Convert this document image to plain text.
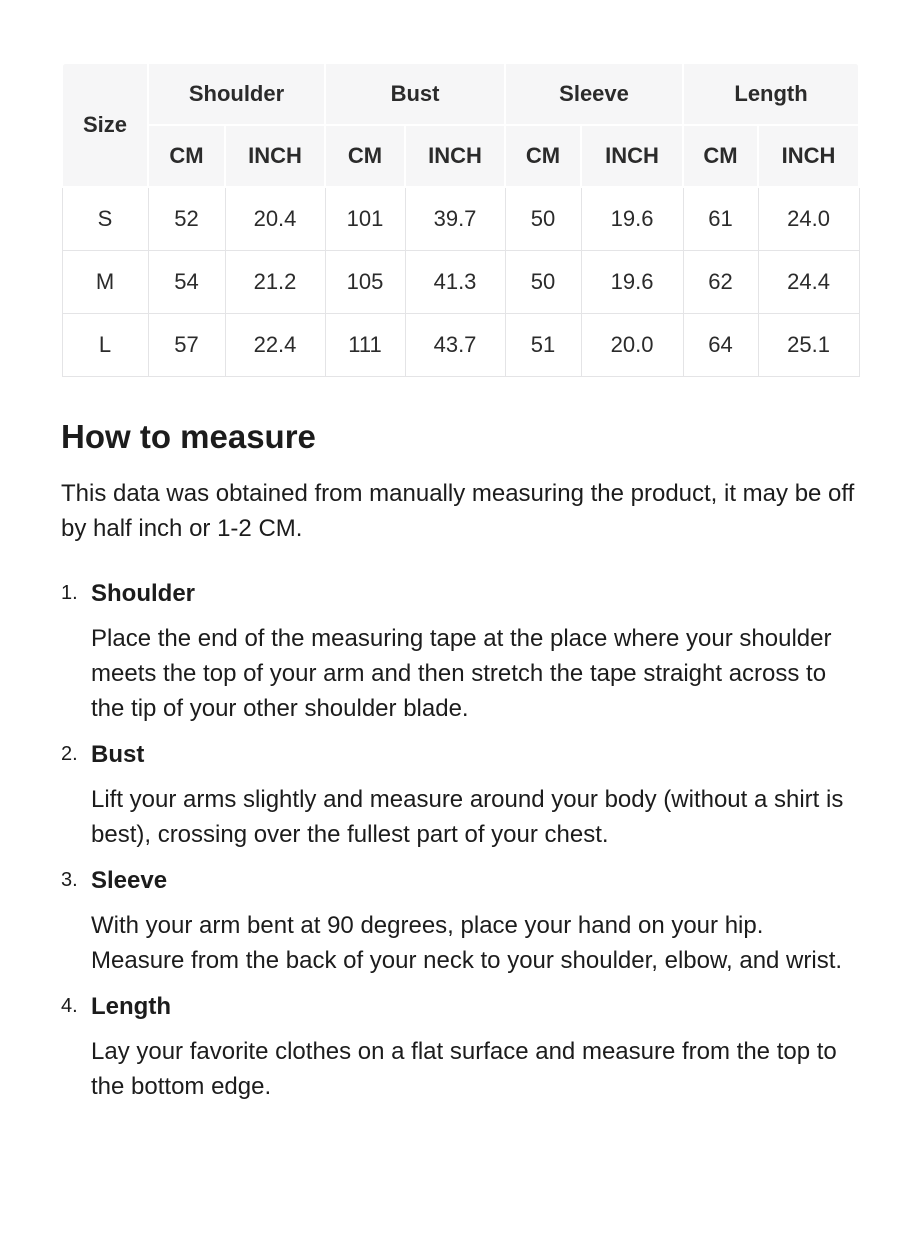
Size	Shoulder		Bust		Sleeve		Length	
	CM	INCH	CM	INCH	CM	INCH	CM	INCH
S	52	20.4	101	39.7	50	19.6	61	24.0
M	54	21.2	105	41.3	50	19.6	62	24.4
L	57	22.4	111	43.7	51	20.0	64	25.1
How to measure

This data was obtained from manually measuring the product, it may be off by half inch or 1-2 CM.

1. Shoulder
Place the end of the measuring tape at the place where your shoulder meets the top of your arm and then stretch the tape straight across to the tip of your other shoulder blade.
2. Bust
Lift your arms slightly and measure around your body (without a shirt is best), crossing over the fullest part of your chest.
3. Sleeve
With your arm bent at 90 degrees, place your hand on your hip. Measure from the back of your neck to your shoulder, elbow, and wrist.
4. Length
Lay your favorite clothes on a flat surface and measure from the top to the bottom edge.
